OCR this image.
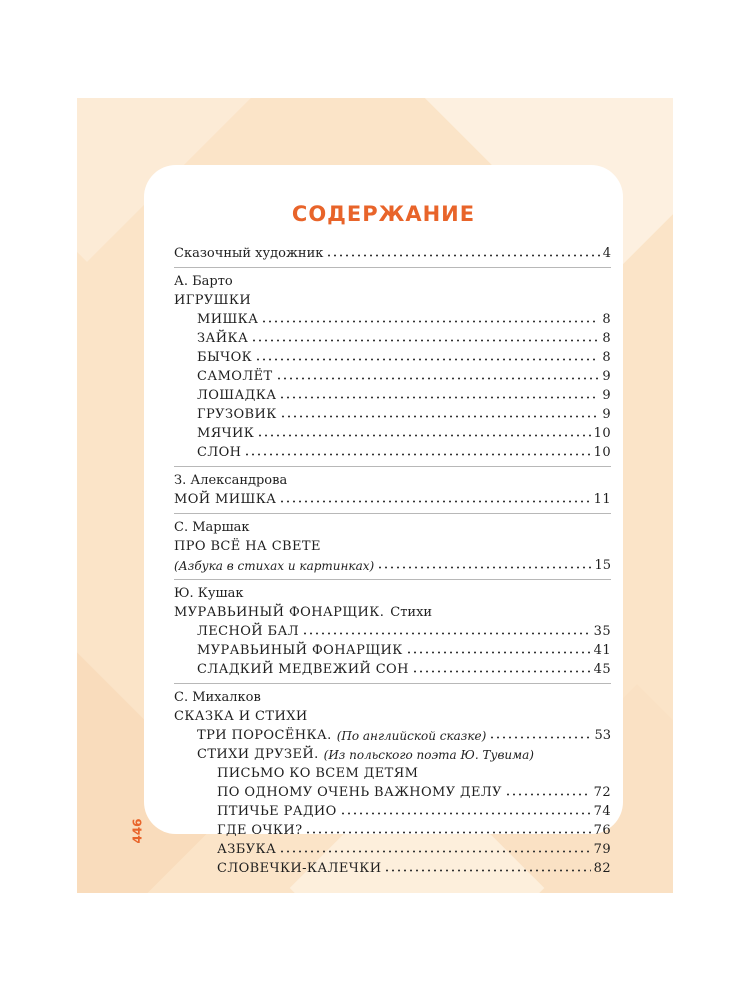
446
СОДЕРЖАНИЕ
Сказочный художник	4
А. Барто
ИГРУШКИ
МИШКА	8
ЗАЙКА	8
БЫЧОК	8
САМОЛЁТ	9
ЛОШАДКА	9
ГРУЗОВИК	9
МЯЧИК	10
СЛОН	10
З. Александрова
МОЙ МИШКА	11
С. Маршак
ПРО ВСЁ НА СВЕТЕ
(Азбука в стихах и картинках)	15
Ю. Кушак
МУРАВЬИНЫЙ ФОНАРЩИК. Стихи
ЛЕСНОЙ БАЛ	35
МУРАВЬИНЫЙ ФОНАРЩИК	41
СЛАДКИЙ МЕДВЕЖИЙ СОН	45
С. Михалков
СКАЗКА И СТИХИ
ТРИ ПОРОСЁНКА. (По английской сказке)	53
СТИХИ ДРУЗЕЙ. (Из польского поэта Ю. Тувима)
ПИСЬМО КО ВСЕМ ДЕТЯМ
ПО ОДНОМУ ОЧЕНЬ ВАЖНОМУ ДЕЛУ	72
ПТИЧЬЕ РАДИО	74
ГДЕ ОЧКИ?	76
АЗБУКА	79
СЛОВЕЧКИ-КАЛЕЧКИ	82
